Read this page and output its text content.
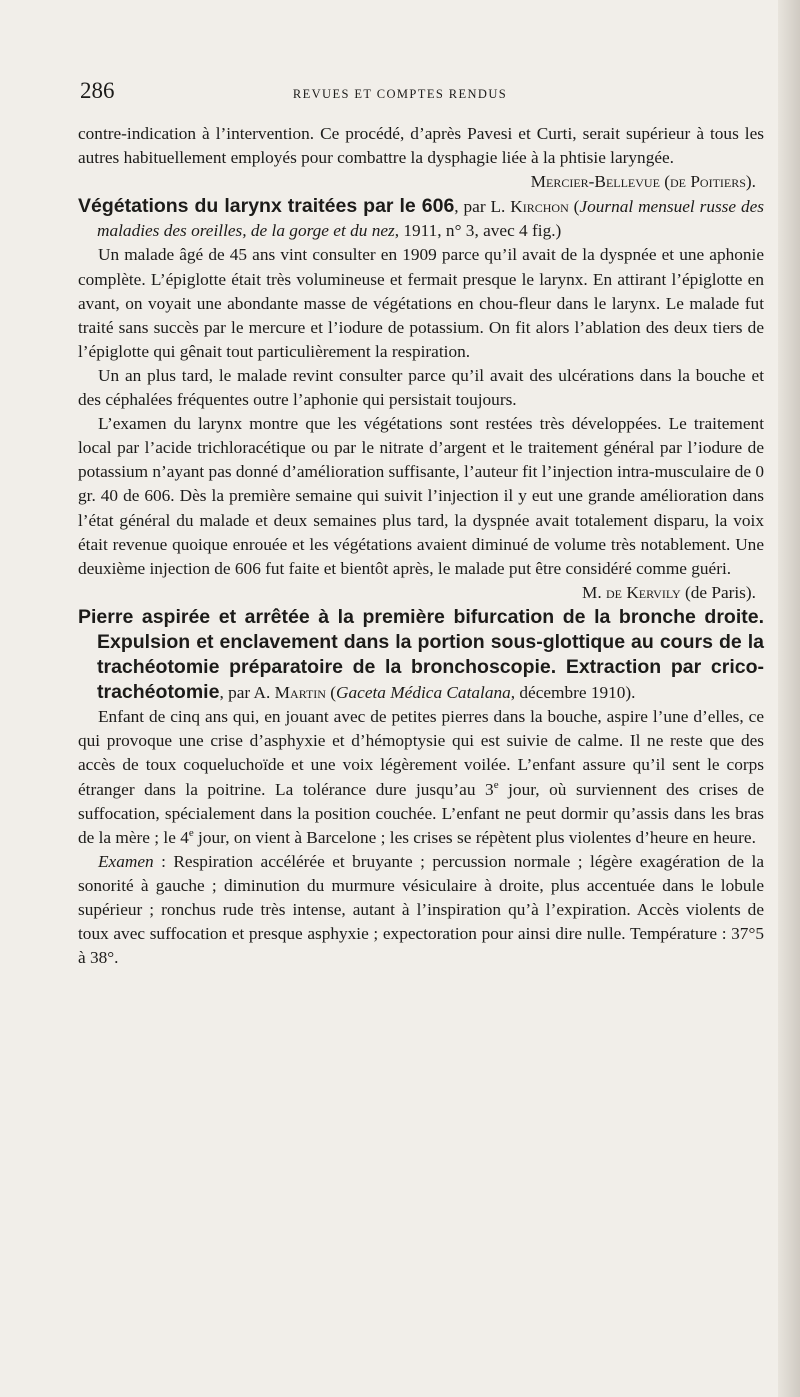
286	REVUES ET COMPTES RENDUS

contre-indication à l’intervention. Ce procédé, d’après Pavesi et Curti, serait supérieur à tous les autres habituellement employés pour combattre la dysphagie liée à la phtisie laryngée.

Mercier-Bellevue (de Poitiers).

Végétations du larynx traitées par le 606, par L. Kirchon (Journal mensuel russe des maladies des oreilles, de la gorge et du nez, 1911, n° 3, avec 4 fig.)

Un malade âgé de 45 ans vint consulter en 1909 parce qu’il avait de la dyspnée et une aphonie complète. L’épiglotte était très volumineuse et fermait presque le larynx. En attirant l’épiglotte en avant, on voyait une abondante masse de végétations en chou-fleur dans le larynx. Le malade fut traité sans succès par le mercure et l’iodure de potassium. On fit alors l’ablation des deux tiers de l’épiglotte qui gênait tout particulièrement la respiration.

Un an plus tard, le malade revint consulter parce qu’il avait des ulcérations dans la bouche et des céphalées fréquentes outre l’aphonie qui persistait toujours.

L’examen du larynx montre que les végétations sont restées très développées. Le traitement local par l’acide trichloracétique ou par le nitrate d’argent et le traitement général par l’iodure de potassium n’ayant pas donné d’amélioration suffisante, l’auteur fit l’injection intra-musculaire de 0 gr. 40 de 606. Dès la première semaine qui suivit l’injection il y eut une grande amélioration dans l’état général du malade et deux semaines plus tard, la dyspnée avait totalement disparu, la voix était revenue quoique enrouée et les végétations avaient diminué de volume très notablement. Une deuxième injection de 606 fut faite et bientôt après, le malade put être considéré comme guéri.

M. de Kervily (de Paris).

Pierre aspirée et arrêtée à la première bifurcation de la bronche droite. Expulsion et enclavement dans la portion sous-glottique au cours de la trachéotomie préparatoire de la bronchoscopie. Extraction par crico-trachéotomie, par A. Martin (Gaceta Médica Catalana, décembre 1910).

Enfant de cinq ans qui, en jouant avec de petites pierres dans la bouche, aspire l’une d’elles, ce qui provoque une crise d’asphyxie et d’hémoptysie qui est suivie de calme. Il ne reste que des accès de toux coqueluchoïde et une voix légèrement voilée. L’enfant assure qu’il sent le corps étranger dans la poitrine. La tolérance dure jusqu’au 3e jour, où surviennent des crises de suffocation, spécialement dans la position couchée. L’enfant ne peut dormir qu’assis dans les bras de la mère ; le 4e jour, on vient à Barcelone ; les crises se répètent plus violentes d’heure en heure.

Examen : Respiration accélérée et bruyante ; percussion normale ; légère exagération de la sonorité à gauche ; diminution du murmure vésiculaire à droite, plus accentuée dans le lobule supérieur ; ronchus rude très intense, autant à l’inspiration qu’à l’expiration. Accès violents de toux avec suffocation et presque asphyxie ; expectoration pour ainsi dire nulle. Température : 37°5 à 38°.
